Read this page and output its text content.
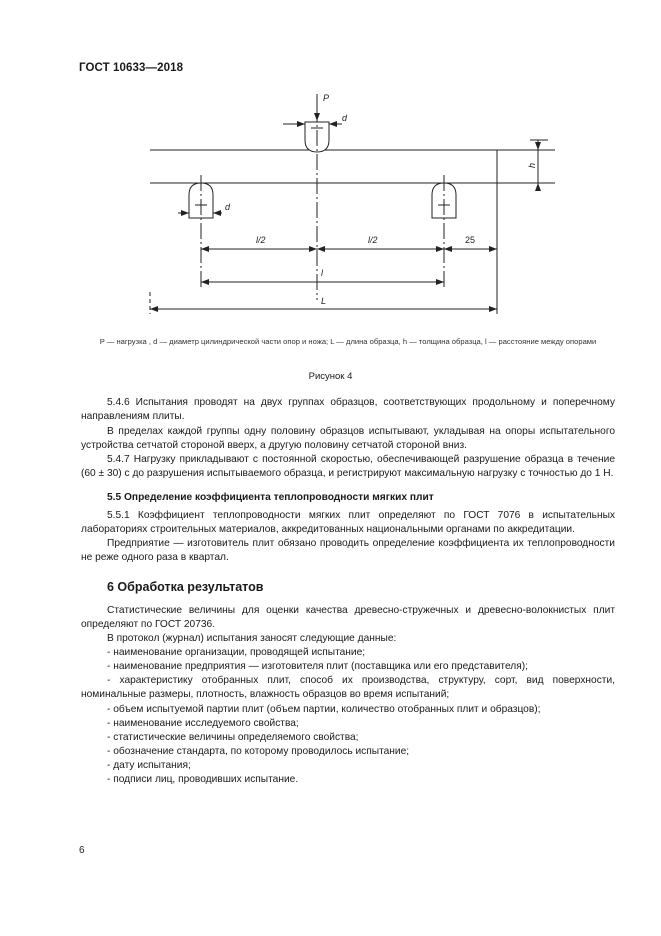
ГОСТ 10633—2018
P
d
h
d
l/2	l/2	25
l
L
P — нагрузка , d — диаметр цилиндрической части опор и ножа; L — длина образца, h — толщина образца, l — расстояние между опорами
Рисунок 4
5.4.6 Испытания проводят на двух группах образцов, соответствующих продольному и поперечному направлениям плиты.
В пределах каждой группы одну половину образцов испытывают, укладывая на опоры испытательного устройства сетчатой стороной вверх, а другую половину сетчатой стороной вниз.
5.4.7 Нагрузку прикладывают с постоянной скоростью, обеспечивающей разрушение образца в течение (60 ± 30) с до разрушения испытываемого образца, и регистрируют максимальную нагрузку с точностью до 1 Н.
5.5 Определение коэффициента теплопроводности мягких плит
5.5.1 Коэффициент теплопроводности мягких плит определяют по ГОСТ 7076 в испытательных лабораториях строительных материалов, аккредитованных национальными органами по аккредитации.
Предприятие — изготовитель плит обязано проводить определение коэффициента их теплопроводности не реже одного раза в квартал.
6 Обработка результатов
Статистические величины для оценки качества древесно-стружечных и древесно-волокнистых плит определяют по ГОСТ 20736.
В протокол (журнал) испытания заносят следующие данные:
- наименование организации, проводящей испытание;
- наименование предприятия — изготовителя плит (поставщика или его представителя);
- характеристику отобранных плит, способ их производства, структуру, сорт, вид поверхности, номинальные размеры, плотность, влажность образцов во время испытаний;
- объем испытуемой партии плит (объем партии, количество отобранных плит и образцов);
- наименование исследуемого свойства;
- статистические величины определяемого свойства;
- обозначение стандарта, по которому проводилось испытание;
- дату испытания;
- подписи лиц, проводивших испытание.
6
